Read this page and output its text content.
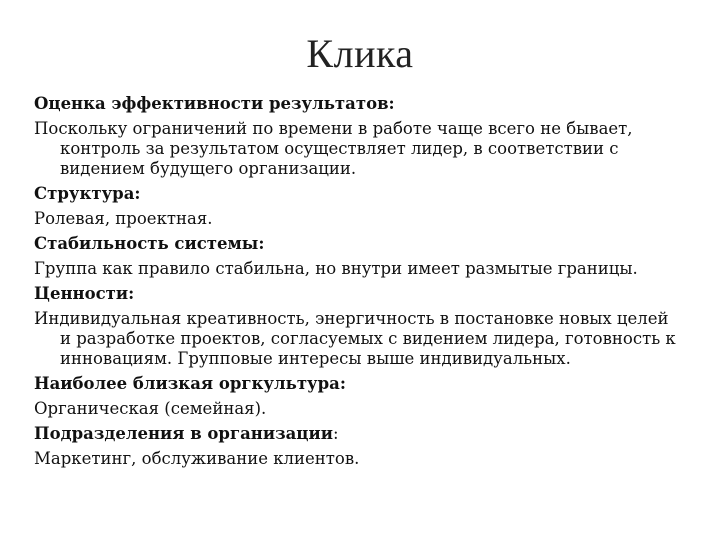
Клика
Оценка эффективности результатов:
Поскольку ограничений по времени в работе чаще всего не бывает, контроль за результатом осуществляет лидер, в соответствии с видением будущего организации.
Структура:
Ролевая, проектная.
Стабильность системы:
Группа как правило стабильна, но внутри имеет размытые границы.
Ценности:
Индивидуальная креативность, энергичность в постановке новых целей и разработке проектов, согласуемых с видением лидера, готовность к инновациям. Групповые интересы выше индивидуальных.
Наиболее близкая оргкультура:
Органическая (семейная).
Подразделения в организации:
Маркетинг, обслуживание клиентов.
